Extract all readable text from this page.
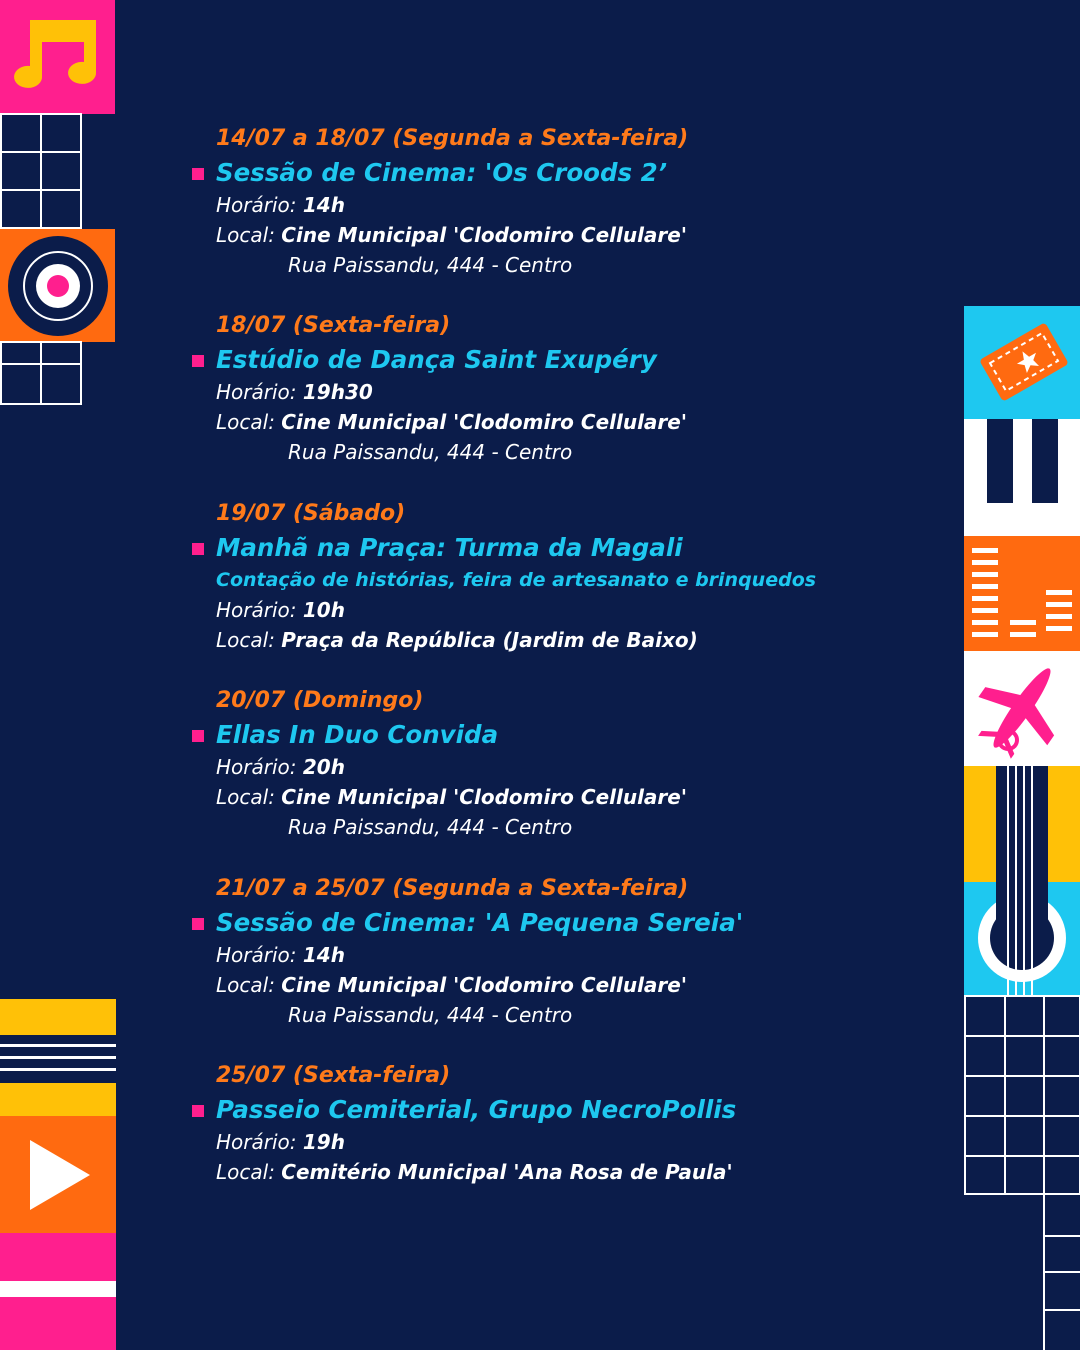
14/07 a 18/07 (Segunda a Sexta-feira)
Sessão de Cinema: 'Os Croods 2’
Horário: 14h
Local: Cine Municipal 'Clodomiro Cellulare'
Rua Paissandu, 444 - Centro
18/07 (Sexta-feira)
Estúdio de Dança Saint Exupéry
Horário: 19h30
Local: Cine Municipal 'Clodomiro Cellulare'
Rua Paissandu, 444 - Centro
19/07 (Sábado)
Manhã na Praça: Turma da Magali
Contação de histórias, feira de artesanato e brinquedos
Horário: 10h
Local: Praça da República (Jardim de Baixo)
20/07 (Domingo)
Ellas In Duo Convida
Horário: 20h
Local: Cine Municipal 'Clodomiro Cellulare'
Rua Paissandu, 444 - Centro
21/07 a 25/07 (Segunda a Sexta-feira)
Sessão de Cinema: 'A Pequena Sereia'
Horário: 14h
Local: Cine Municipal 'Clodomiro Cellulare'
Rua Paissandu, 444 - Centro
25/07 (Sexta-feira)
Passeio Cemiterial, Grupo NecroPollis
Horário: 19h
Local: Cemitério Municipal 'Ana Rosa de Paula'
